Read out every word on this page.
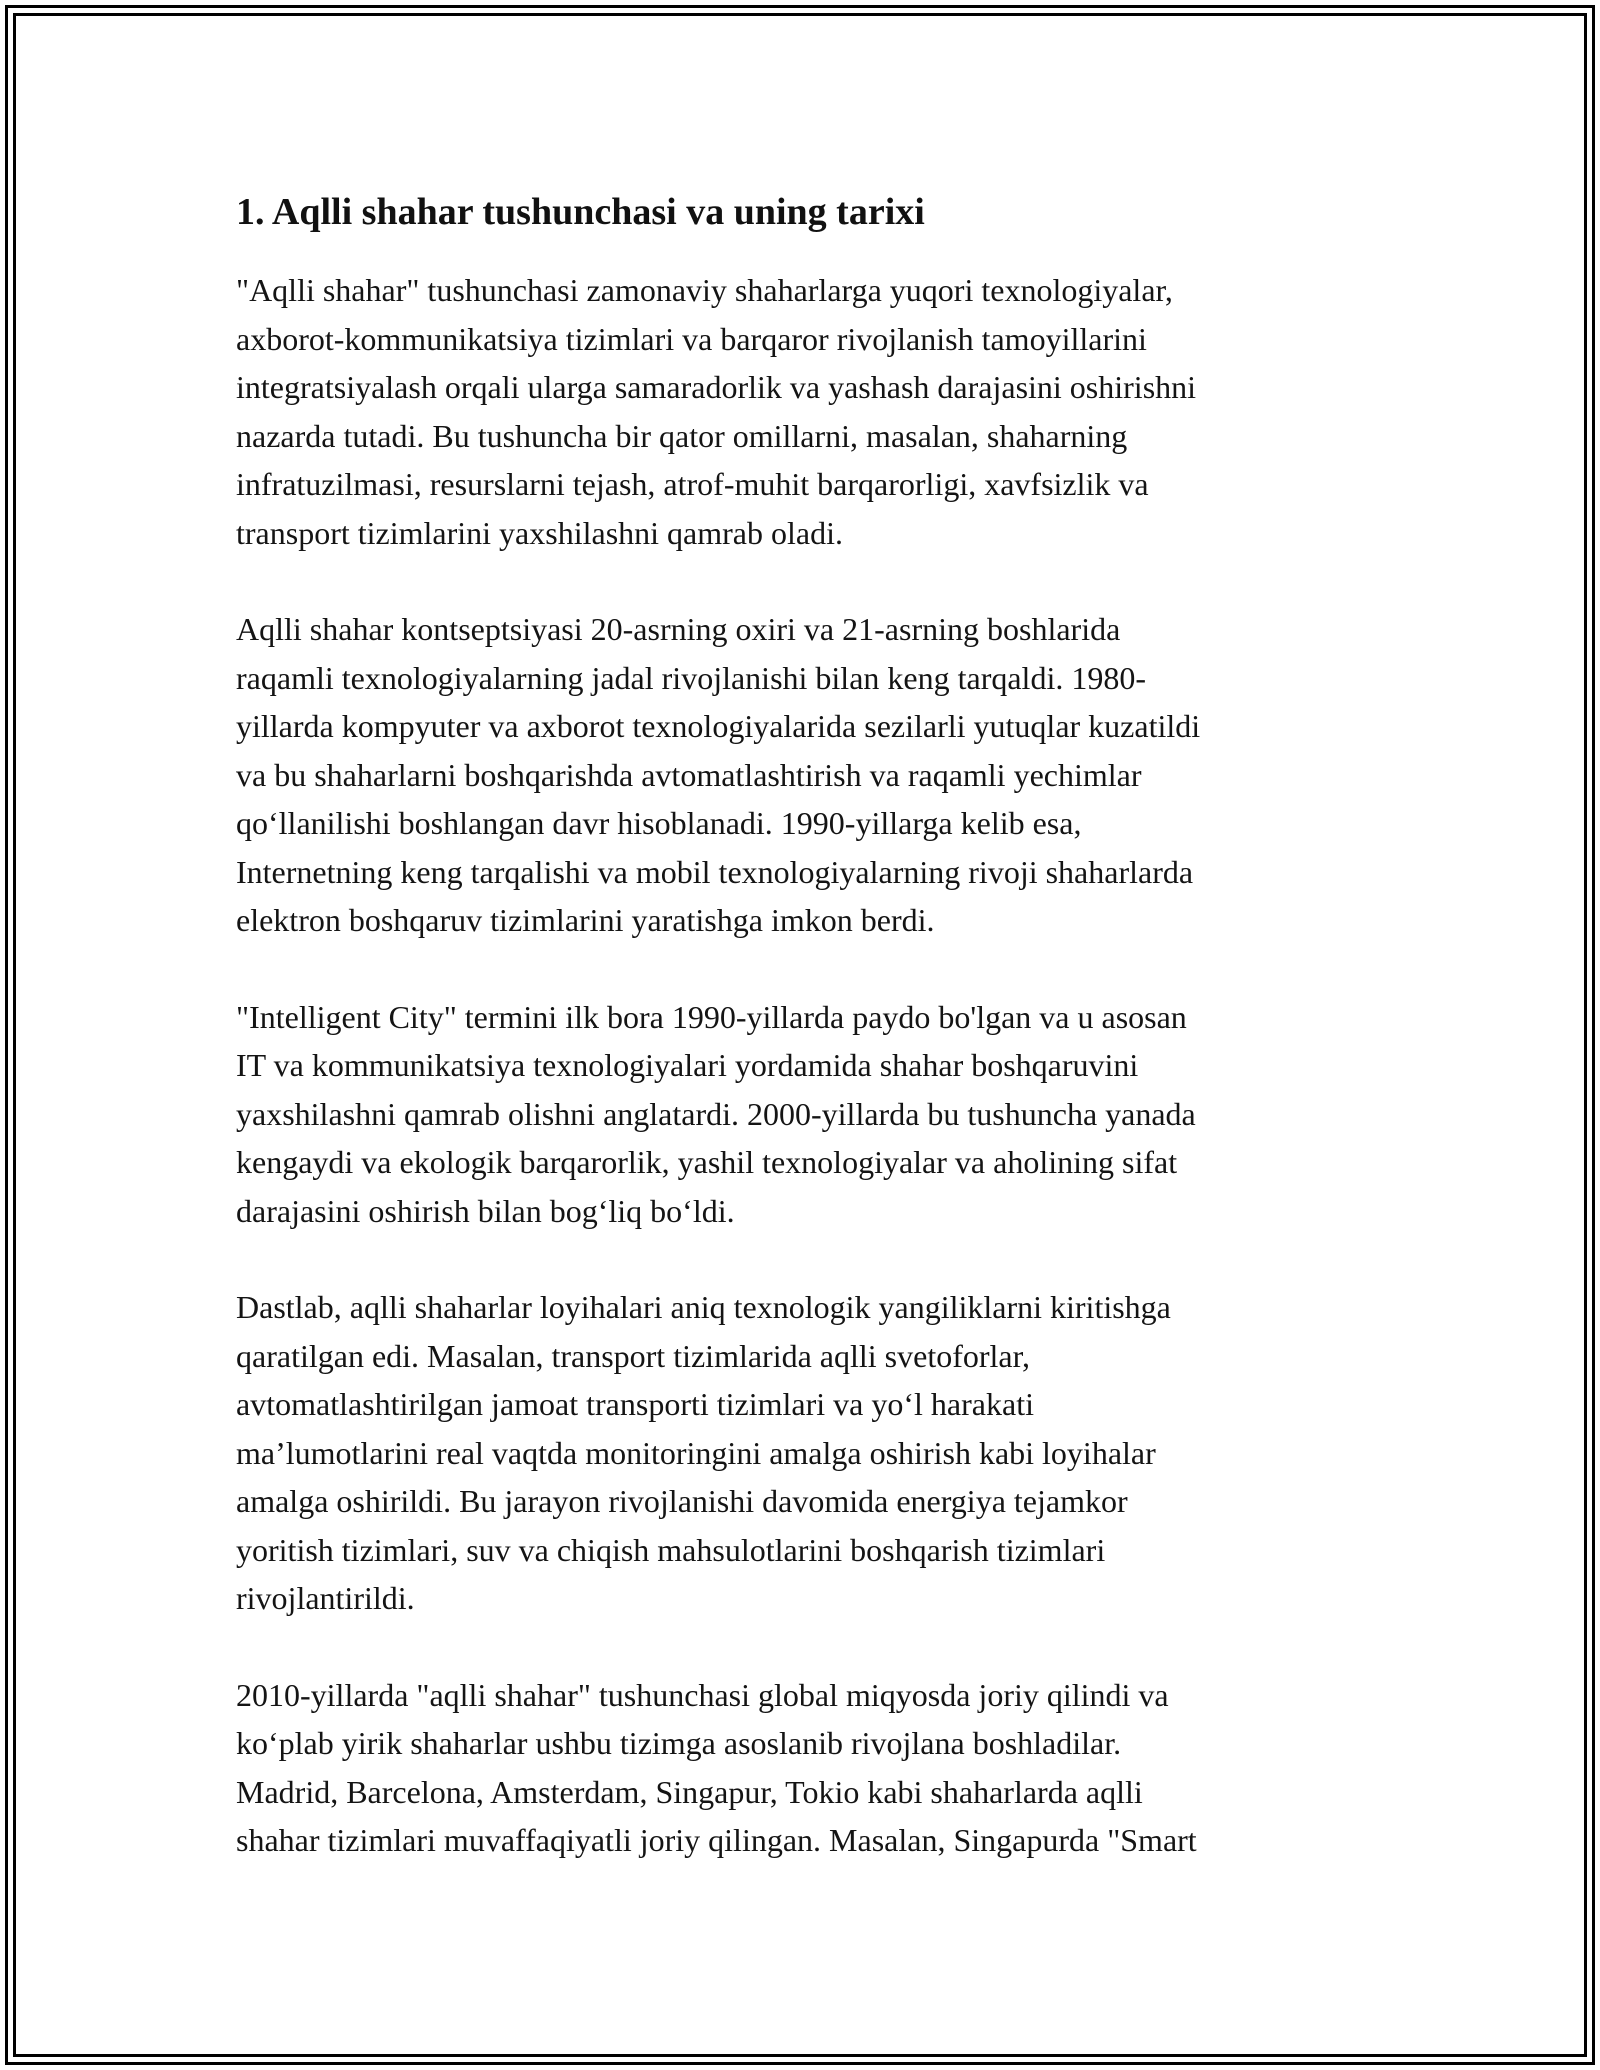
1. Aqlli shahar tushunchasi va uning tarixi

"Aqlli shahar" tushunchasi zamonaviy shaharlarga yuqori texnologiyalar,
axborot-kommunikatsiya tizimlari va barqaror rivojlanish tamoyillarini
integratsiyalash orqali ularga samaradorlik va yashash darajasini oshirishni
nazarda tutadi. Bu tushuncha bir qator omillarni, masalan, shaharning
infratuzilmasi, resurslarni tejash, atrof-muhit barqarorligi, xavfsizlik va
transport tizimlarini yaxshilashni qamrab oladi.

Aqlli shahar kontseptsiyasi 20-asrning oxiri va 21-asrning boshlarida
raqamli texnologiyalarning jadal rivojlanishi bilan keng tarqaldi. 1980-
yillarda kompyuter va axborot texnologiyalarida sezilarli yutuqlar kuzatildi
va bu shaharlarni boshqarishda avtomatlashtirish va raqamli yechimlar
qo‘llanilishi boshlangan davr hisoblanadi. 1990-yillarga kelib esa,
Internetning keng tarqalishi va mobil texnologiyalarning rivoji shaharlarda
elektron boshqaruv tizimlarini yaratishga imkon berdi.

"Intelligent City" termini ilk bora 1990-yillarda paydo bo'lgan va u asosan
IT va kommunikatsiya texnologiyalari yordamida shahar boshqaruvini
yaxshilashni qamrab olishni anglatardi. 2000-yillarda bu tushuncha yanada
kengaydi va ekologik barqarorlik, yashil texnologiyalar va aholining sifat
darajasini oshirish bilan bog‘liq bo‘ldi.

Dastlab, aqlli shaharlar loyihalari aniq texnologik yangiliklarni kiritishga
qaratilgan edi. Masalan, transport tizimlarida aqlli svetoforlar,
avtomatlashtirilgan jamoat transporti tizimlari va yo‘l harakati
ma’lumotlarini real vaqtda monitoringini amalga oshirish kabi loyihalar
amalga oshirildi. Bu jarayon rivojlanishi davomida energiya tejamkor
yoritish tizimlari, suv va chiqish mahsulotlarini boshqarish tizimlari
rivojlantirildi.

2010-yillarda "aqlli shahar" tushunchasi global miqyosda joriy qilindi va
ko‘plab yirik shaharlar ushbu tizimga asoslanib rivojlana boshladilar.
Madrid, Barcelona, Amsterdam, Singapur, Tokio kabi shaharlarda aqlli
shahar tizimlari muvaffaqiyatli joriy qilingan. Masalan, Singapurda "Smart
